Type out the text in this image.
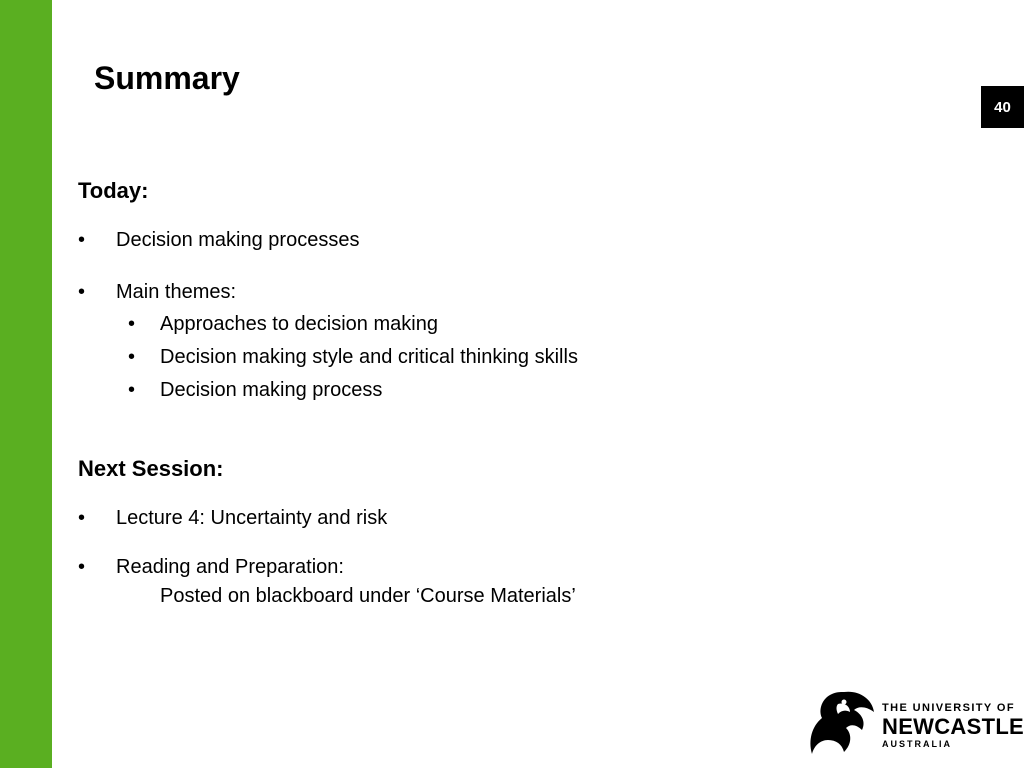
Summary
40
Today:
• Decision making processes
• Main themes:
• Approaches to decision making
• Decision making style and critical thinking skills
• Decision making process
Next Session:
• Lecture 4: Uncertainty and risk
• Reading and Preparation:
Posted on blackboard under ‘Course Materials’
THE UNIVERSITY OF
NEWCASTLE
AUSTRALIA
